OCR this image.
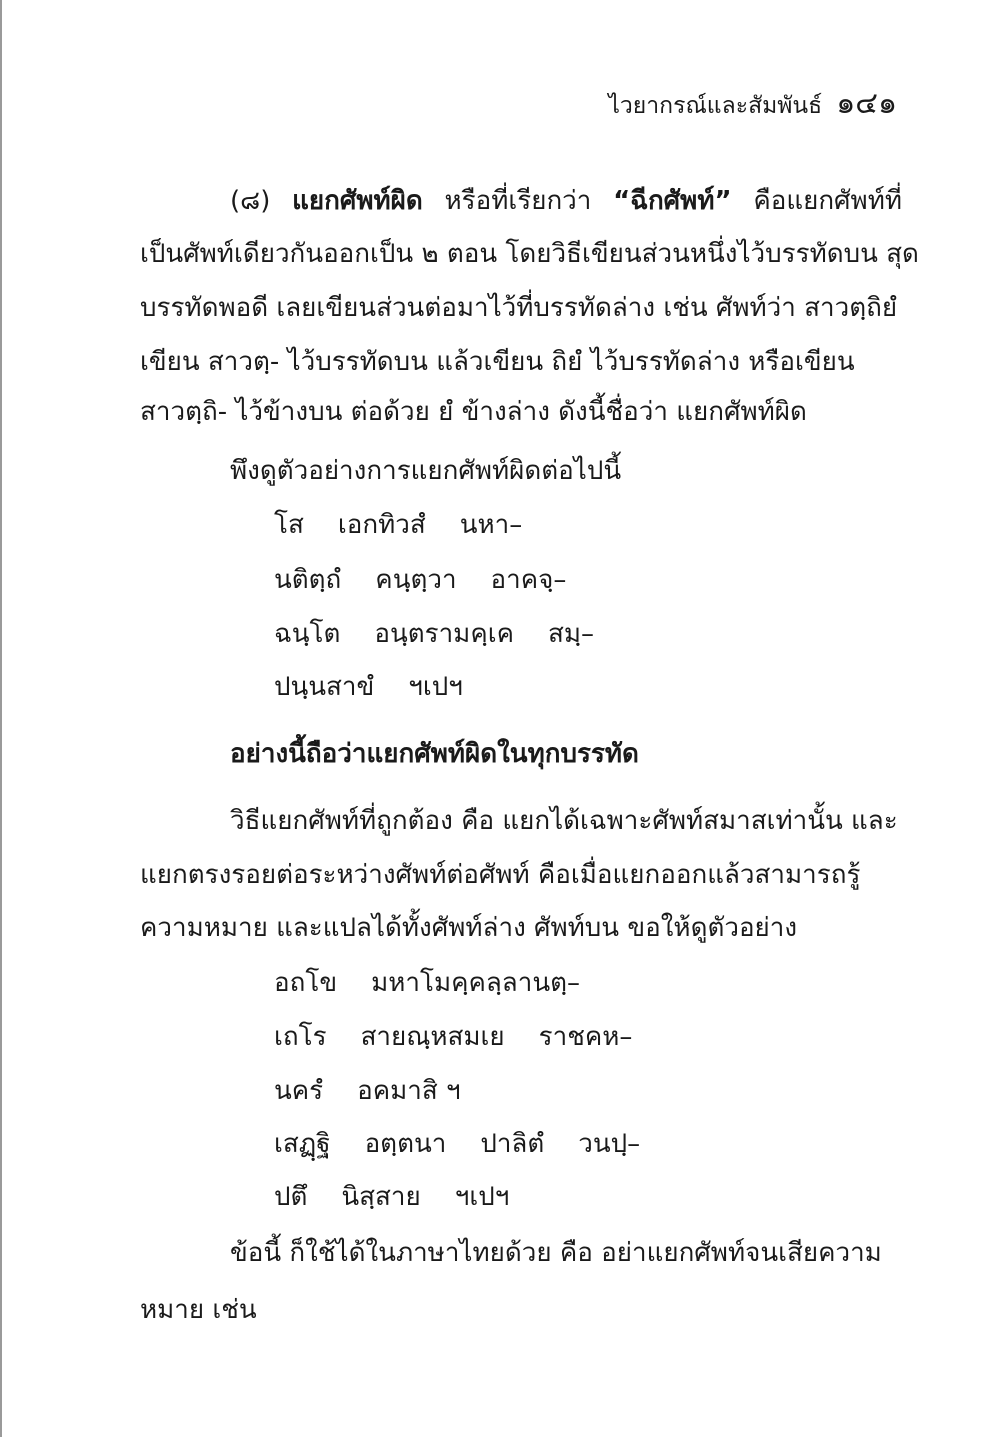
ไวยากรณ์และสัมพันธ์ ๑๔๑
(๘) แยกศัพท์ผิด หรือที่เรียกว่า “ฉีกศัพท์” คือแยกศัพท์ที่
เป็นศัพท์เดียวกันออกเป็น ๒ ตอน โดยวิธีเขียนส่วนหนึ่งไว้บรรทัดบน สุด
บรรทัดพอดี เลยเขียนส่วนต่อมาไว้ที่บรรทัดล่าง เช่น ศัพท์ว่า สาวตฺถิยํ
เขียน สาวตฺ- ไว้บรรทัดบน แล้วเขียน ถิยํ ไว้บรรทัดล่าง หรือเขียน
สาวตฺถิ- ไว้ข้างบน ต่อด้วย ยํ ข้างล่าง ดังนี้ชื่อว่า แยกศัพท์ผิด
พึงดูตัวอย่างการแยกศัพท์ผิดต่อไปนี้
โส เอกทิวสํ นหา–
นติตฺถํ คนฺตฺวา อาคจฺ–
ฉนฺโต อนฺตรามคฺเค สมฺ–
ปนฺนสาขํ ฯเปฯ
อย่างนี้ถือว่าแยกศัพท์ผิดในทุกบรรทัด
วิธีแยกศัพท์ที่ถูกต้อง คือ แยกได้เฉพาะศัพท์สมาสเท่านั้น และ
แยกตรงรอยต่อระหว่างศัพท์ต่อศัพท์ คือเมื่อแยกออกแล้วสามารถรู้
ความหมาย และแปลได้ทั้งศัพท์ล่าง ศัพท์บน ขอให้ดูตัวอย่าง
อถโข มหาโมคฺคลฺลานตฺ–
เถโร สายณฺหสมเย ราชคห–
นครํ อคมาสิ ฯ
เสฏฺฐิ อตฺตนา ปาลิตํ วนปฺ–
ปตึ นิสฺสาย ฯเปฯ
ข้อนี้ ก็ใช้ได้ในภาษาไทยด้วย คือ อย่าแยกศัพท์จนเสียความ
หมาย เช่น
